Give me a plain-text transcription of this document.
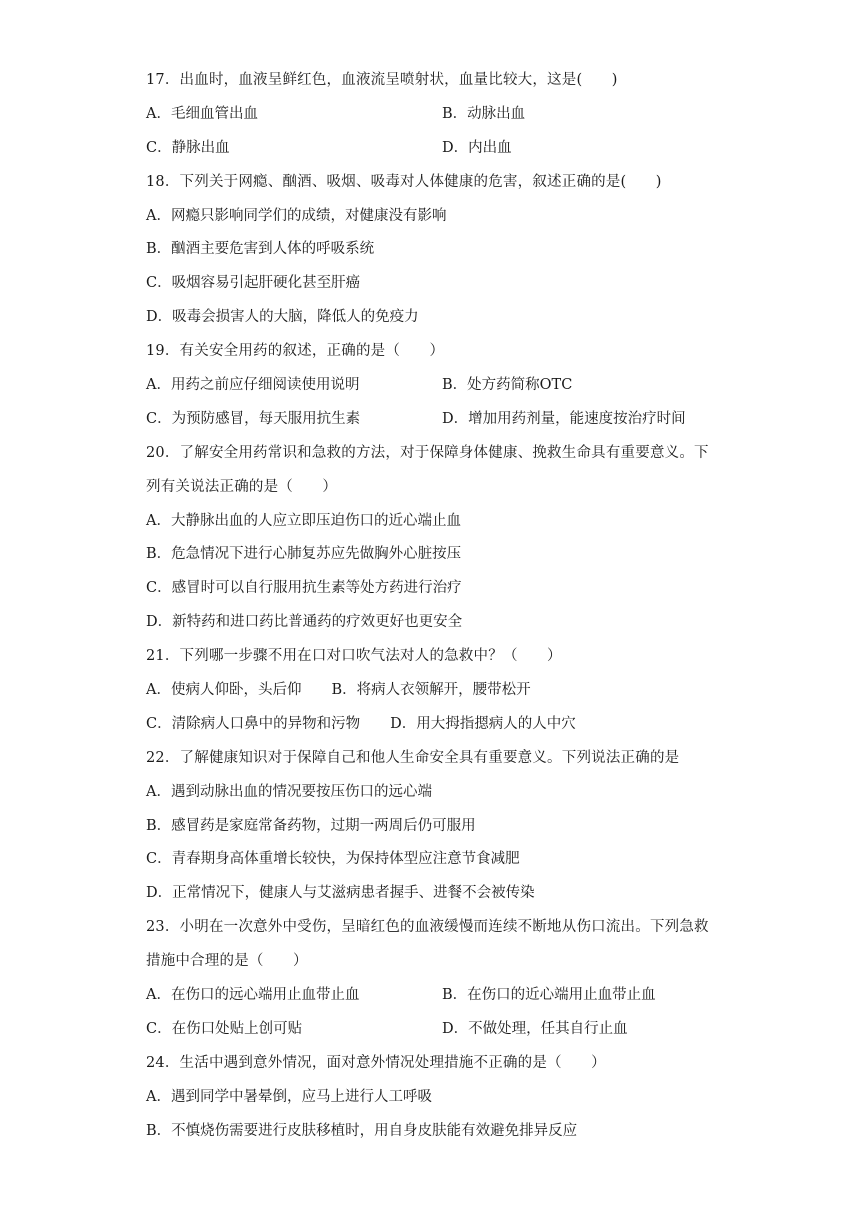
17．出血时，血液呈鲜红色，血液流呈喷射状，血量比较大，这是(　　)
A．毛细血管出血	B．动脉出血
C．静脉出血	D．内出血
18．下列关于网瘾、酗酒、吸烟、吸毒对人体健康的危害，叙述正确的是(　　)
A．网瘾只影响同学们的成绩，对健康没有影响
B．酗酒主要危害到人体的呼吸系统
C．吸烟容易引起肝硬化甚至肝癌
D．吸毒会损害人的大脑，降低人的免疫力
19．有关安全用药的叙述，正确的是（　　）
A．用药之前应仔细阅读使用说明	B．处方药简称OTC
C．为预防感冒，每天服用抗生素	D．增加用药剂量，能速度按治疗时间
20．了解安全用药常识和急救的方法，对于保障身体健康、挽救生命具有重要意义。下
列有关说法正确的是（　　）
A．大静脉出血的人应立即压迫伤口的近心端止血
B．危急情况下进行心肺复苏应先做胸外心脏按压
C．感冒时可以自行服用抗生素等处方药进行治疗
D．新特药和进口药比普通药的疗效更好也更安全
21．下列哪一步骤不用在口对口吹气法对人的急救中？（　　）
A．使病人仰卧，头后仰 B．将病人衣领解开，腰带松开
C．清除病人口鼻中的异物和污物 D．用大拇指摁病人的人中穴
22．了解健康知识对于保障自己和他人生命安全具有重要意义。下列说法正确的是
A．遇到动脉出血的情况要按压伤口的远心端
B．感冒药是家庭常备药物，过期一两周后仍可服用
C．青春期身高体重增长较快，为保持体型应注意节食减肥
D．正常情况下，健康人与艾滋病患者握手、进餐不会被传染
23．小明在一次意外中受伤，呈暗红色的血液缓慢而连续不断地从伤口流出。下列急救
措施中合理的是（　　）
A．在伤口的远心端用止血带止血	B．在伤口的近心端用止血带止血
C．在伤口处贴上创可贴	D．不做处理，任其自行止血
24．生活中遇到意外情况，面对意外情况处理措施不正确的是（　　）
A．遇到同学中暑晕倒，应马上进行人工呼吸
B．不慎烧伤需要进行皮肤移植时，用自身皮肤能有效避免排异反应
